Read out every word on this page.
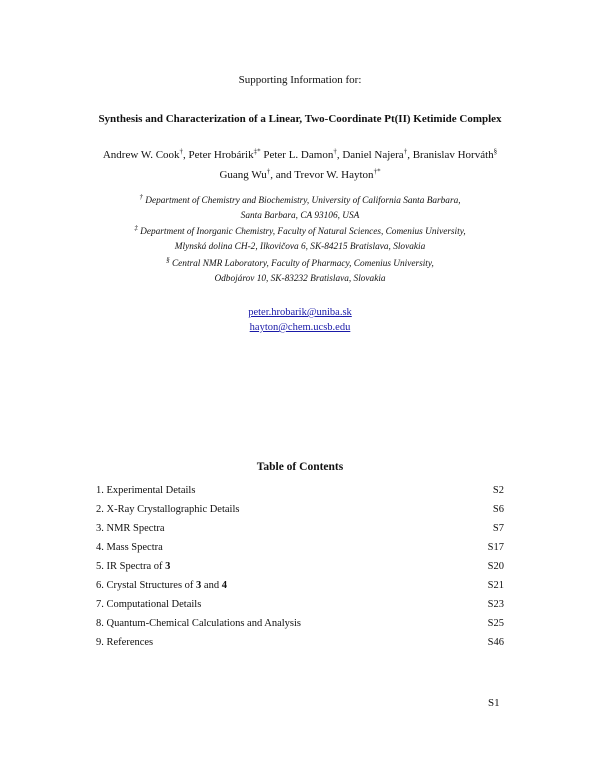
Supporting Information for:
Synthesis and Characterization of a Linear, Two-Coordinate Pt(II) Ketimide Complex
Andrew W. Cook†, Peter Hrobárik‡* Peter L. Damon†, Daniel Najera†, Branislav Horváth§
Guang Wu†, and Trevor W. Hayton†*
† Department of Chemistry and Biochemistry, University of California Santa Barbara,
Santa Barbara, CA 93106, USA
‡ Department of Inorganic Chemistry, Faculty of Natural Sciences, Comenius University,
Mlynská dolina CH-2, Ilkovičova 6, SK-84215 Bratislava, Slovakia
§ Central NMR Laboratory, Faculty of Pharmacy, Comenius University,
Odbojárov 10, SK-83232 Bratislava, Slovakia
peter.hrobarik@uniba.sk
hayton@chem.ucsb.edu
Table of Contents
1. Experimental Details	S2
2. X-Ray Crystallographic Details	S6
3. NMR Spectra	S7
4. Mass Spectra	S17
5. IR Spectra of 3	S20
6. Crystal Structures of 3 and 4	S21
7. Computational Details	S23
8. Quantum-Chemical Calculations and Analysis	S25
9. References	S46
S1
